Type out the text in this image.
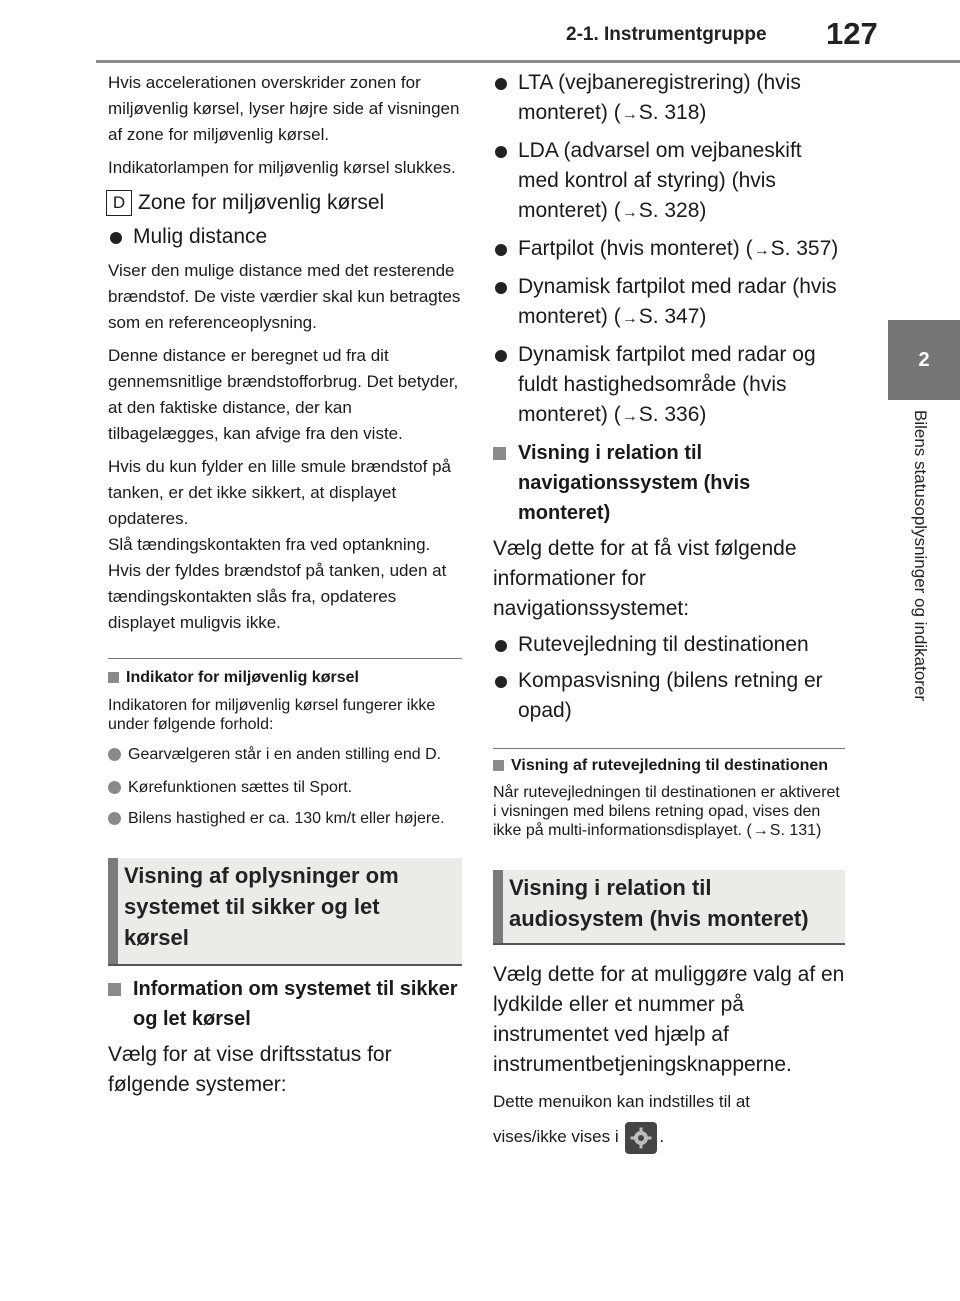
2-1. Instrumentgruppe 127
2
Bilens statusoplysninger og indikatorer

Hvis accelerationen overskrider zonen for miljøvenlig kørsel, lyser højre side af visningen af zone for miljøvenlig kørsel.

Indikatorlampen for miljøvenlig kørsel slukkes.

D Zone for miljøvenlig kørsel
Mulig distance

Viser den mulige distance med det resterende brændstof. De viste værdier skal kun betragtes som en referenceoplysning.

Denne distance er beregnet ud fra dit gennemsnitlige brændstofforbrug. Det betyder, at den faktiske distance, der kan tilbagelægges, kan afvige fra den viste.

Hvis du kun fylder en lille smule brændstof på tanken, er det ikke sikkert, at displayet opdateres.

Slå tændingskontakten fra ved optankning. Hvis der fyldes brændstof på tanken, uden at tændingskontakten slås fra, opdateres displayet muligvis ikke.

Indikator for miljøvenlig kørsel

Indikatoren for miljøvenlig kørsel fungerer ikke under følgende forhold:

Gearvælgeren står i en anden stilling end D.
Kørefunktionen sættes til Sport.
Bilens hastighed er ca. 130 km/t eller højere.
Visning af oplysninger om systemet til sikker og let kørsel
Information om systemet til sikker og let kørsel

Vælg for at vise driftsstatus for følgende systemer:

LTA (vejbaneregistrering) (hvis monteret) (→S. 318)
LDA (advarsel om vejbaneskift med kontrol af styring) (hvis monteret) (→S. 328)
Fartpilot (hvis monteret) (→S. 357)
Dynamisk fartpilot med radar (hvis monteret) (→S. 347)
Dynamisk fartpilot med radar og fuldt hastighedsområde (hvis monteret) (→S. 336)
Visning i relation til navigationssystem (hvis monteret)

Vælg dette for at få vist følgende informationer for navigationssystemet:

Rutevejledning til destinationen
Kompasvisning (bilens retning er opad)
Visning af rutevejledning til destinationen

Når rutevejledningen til destinationen er aktiveret i visningen med bilens retning opad, vises den ikke på multi-informationsdisplayet. (→S. 131)

Visning i relation til audiosystem (hvis monteret)

Vælg dette for at muliggøre valg af en lydkilde eller et nummer på instrumentet ved hjælp af instrumentbetjeningsknapperne.

Dette menuikon kan indstilles til at

vises/ikke vises i .
